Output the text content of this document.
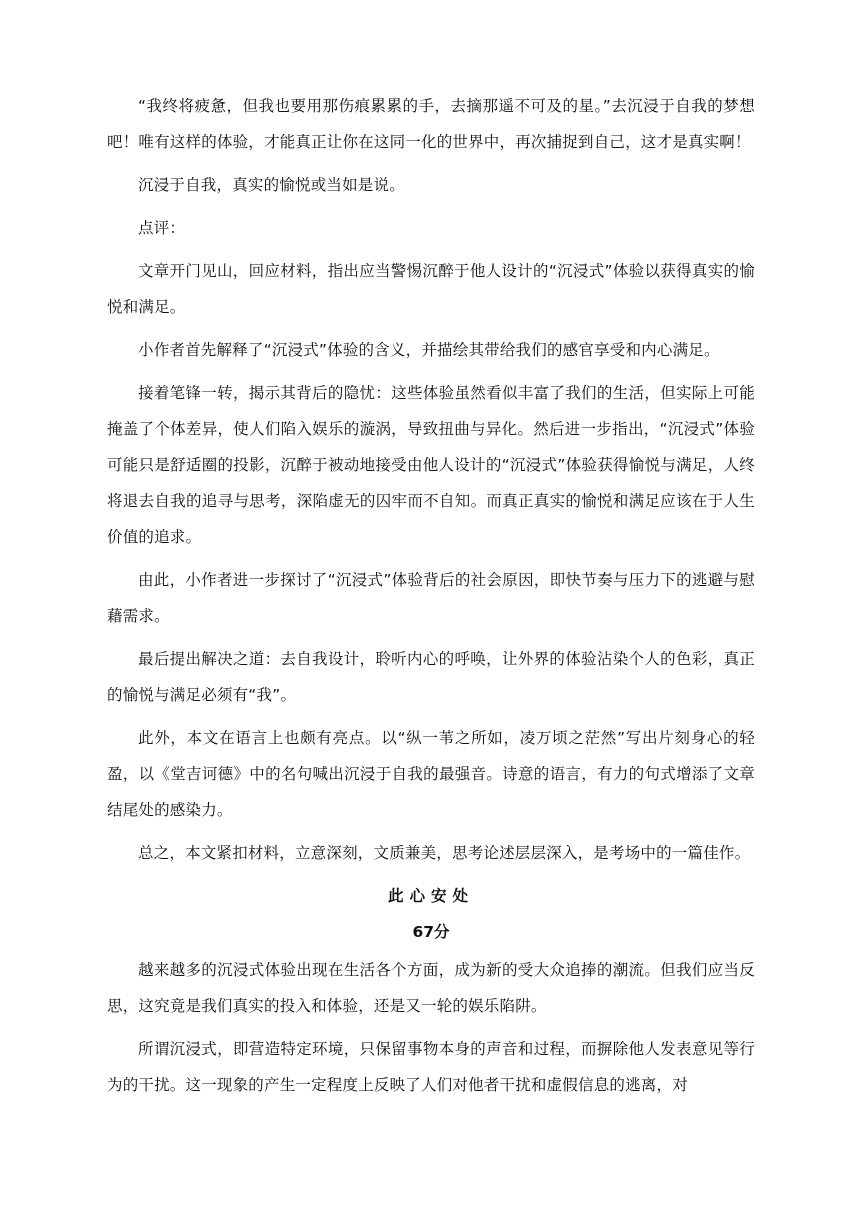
“我终将疲惫，但我也要用那伤痕累累的手，去摘那遥不可及的星。”去沉浸于自我的梦想吧！唯有这样的体验，才能真正让你在这同一化的世界中，再次捕捉到自己，这才是真实啊！

沉浸于自我，真实的愉悦或当如是说。

点评：

文章开门见山，回应材料，指出应当警惕沉醉于他人设计的“沉浸式”体验以获得真实的愉悦和满足。

小作者首先解释了“沉浸式”体验的含义，并描绘其带给我们的感官享受和内心满足。

接着笔锋一转，揭示其背后的隐忧：这些体验虽然看似丰富了我们的生活，但实际上可能掩盖了个体差异，使人们陷入娱乐的漩涡，导致扭曲与异化。然后进一步指出，“沉浸式”体验可能只是舒适圈的投影，沉醉于被动地接受由他人设计的“沉浸式”体验获得愉悦与满足，人终将退去自我的追寻与思考，深陷虚无的囚牢而不自知。而真正真实的愉悦和满足应该在于人生价值的追求。

由此，小作者进一步探讨了“沉浸式”体验背后的社会原因，即快节奏与压力下的逃避与慰藉需求。

最后提出解决之道：去自我设计，聆听内心的呼唤，让外界的体验沾染个人的色彩，真正的愉悦与满足必须有“我”。

此外，本文在语言上也颇有亮点。以“纵一苇之所如，凌万顷之茫然”写出片刻身心的轻盈，以《堂吉诃德》中的名句喊出沉浸于自我的最强音。诗意的语言，有力的句式增添了文章结尾处的感染力。

总之，本文紧扣材料，立意深刻，文质兼美，思考论述层层深入，是考场中的一篇佳作。

此心安处
67分

越来越多的沉浸式体验出现在生活各个方面，成为新的受大众追捧的潮流。但我们应当反思，这究竟是我们真实的投入和体验，还是又一轮的娱乐陷阱。

所谓沉浸式，即营造特定环境，只保留事物本身的声音和过程，而摒除他人发表意见等行为的干扰。这一现象的产生一定程度上反映了人们对他者干扰和虚假信息的逃离，对
